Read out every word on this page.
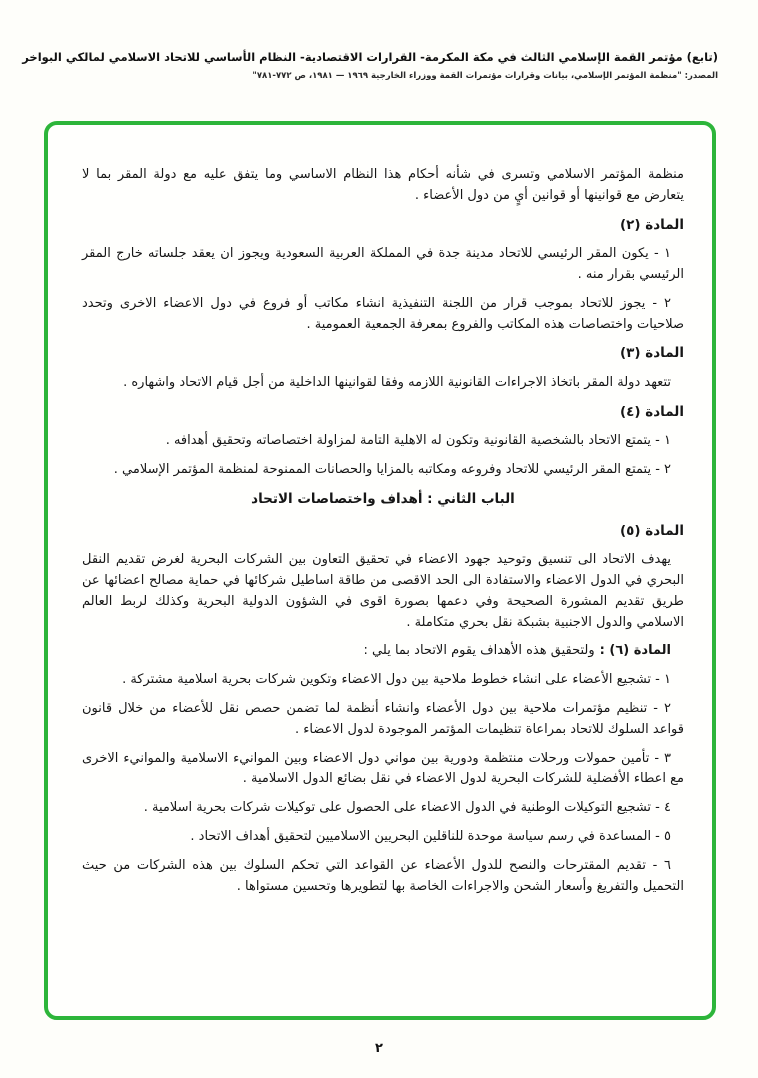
(تابع) مؤتمر القمة الإسلامي الثالث في مكة المكرمة- القرارات الاقتصادية- النظام الأساسي للاتحاد الاسلامي لمالكي البواخر
المصدر: "منظمة المؤتمر الإسلامي، بيانات وقرارات مؤتمرات القمة ووزراء الخارجية ١٩٦٩ — ١٩٨١، ص ٧٧٢-٧٨١"

منظمة المؤتمر الاسلامي وتسرى في شأنه أحكام هذا النظام الاساسي وما يتفق عليه مع دولة المقر بما لا يتعارض مع قوانينها أو قوانين أيٍ من دول الأعضاء .

المادة (٢)

١ - يكون المقر الرئيسي للاتحاد مدينة جدة في المملكة العربية السعودية ويجوز ان يعقد جلساته خارج المقر الرئيسي بقرار منه .

٢ - يجوز للاتحاد بموجب قرار من اللجنة التنفيذية انشاء مكاتب أو فروع في دول الاعضاء الاخرى وتحدد صلاحيات واختصاصات هذه المكاتب والفروع بمعرفة الجمعية العمومية .

المادة (٣)

تتعهد دولة المقر باتخاذ الاجراءات القانونية اللازمه وفقا لقوانينها الداخلية من أجل قيام الاتحاد واشهاره .

المادة (٤)

١ - يتمتع الاتحاد بالشخصية القانونية وتكون له الاهلية التامة لمزاولة اختصاصاته وتحقيق أهدافه .

٢ - يتمتع المقر الرئيسي للاتحاد وفروعه ومكاتبه بالمزايا والحصانات الممنوحة لمنظمة المؤتمر الإسلامي .

الباب الثاني : أهداف واختصاصات الاتحاد
المادة (٥)

يهدف الاتحاد الى تنسيق وتوحيد جهود الاعضاء في تحقيق التعاون بين الشركات البحرية لغرض تقديم النقل البحري في الدول الاعضاء والاستفادة الى الحد الاقصى من طاقة اساطيل شركائها في حماية مصالح اعضائها عن طريق تقديم المشورة الصحيحة وفي دعمها بصورة اقوى في الشؤون الدولية البحرية وكذلك لربط العالم الاسلامي والدول الاجنبية بشبكة نقل بحري متكاملة .

المادة (٦) :ولتحقيق هذه الأهداف يقوم الاتحاد بما يلي :

١ - تشجيع الأعضاء على انشاء خطوط ملاحية بين دول الاعضاء وتكوين شركات بحرية اسلامية مشتركة .

٢ - تنظيم مؤتمرات ملاحية بين دول الأعضاء وانشاء أنظمة لما تضمن حصص نقل للأعضاء من خلال قانون قواعد السلوك للاتحاد بمراعاة تنظيمات المؤتمر الموجودة لدول الاعضاء .

٣ - تأمين حمولات ورحلات منتظمة ودورية بين مواني دول الاعضاء وبين الموانيء الاسلامية والموانيء الاخرى مع اعطاء الأفضلية للشركات البحرية لدول الاعضاء في نقل بضائع الدول الاسلامية .

٤ - تشجيع التوكيلات الوطنية في الدول الاعضاء على الحصول على توكيلات شركات بحرية اسلامية .

٥ - المساعدة في رسم سياسة موحدة للناقلين البحريين الاسلاميين لتحقيق أهداف الاتحاد .

٦ - تقديم المقترحات والنصح للدول الأعضاء عن القواعد التي تحكم السلوك بين هذه الشركات من حيث التحميل والتفريغ وأسعار الشحن والاجراءات الخاصة بها لتطويرها وتحسين مستواها .

٢
